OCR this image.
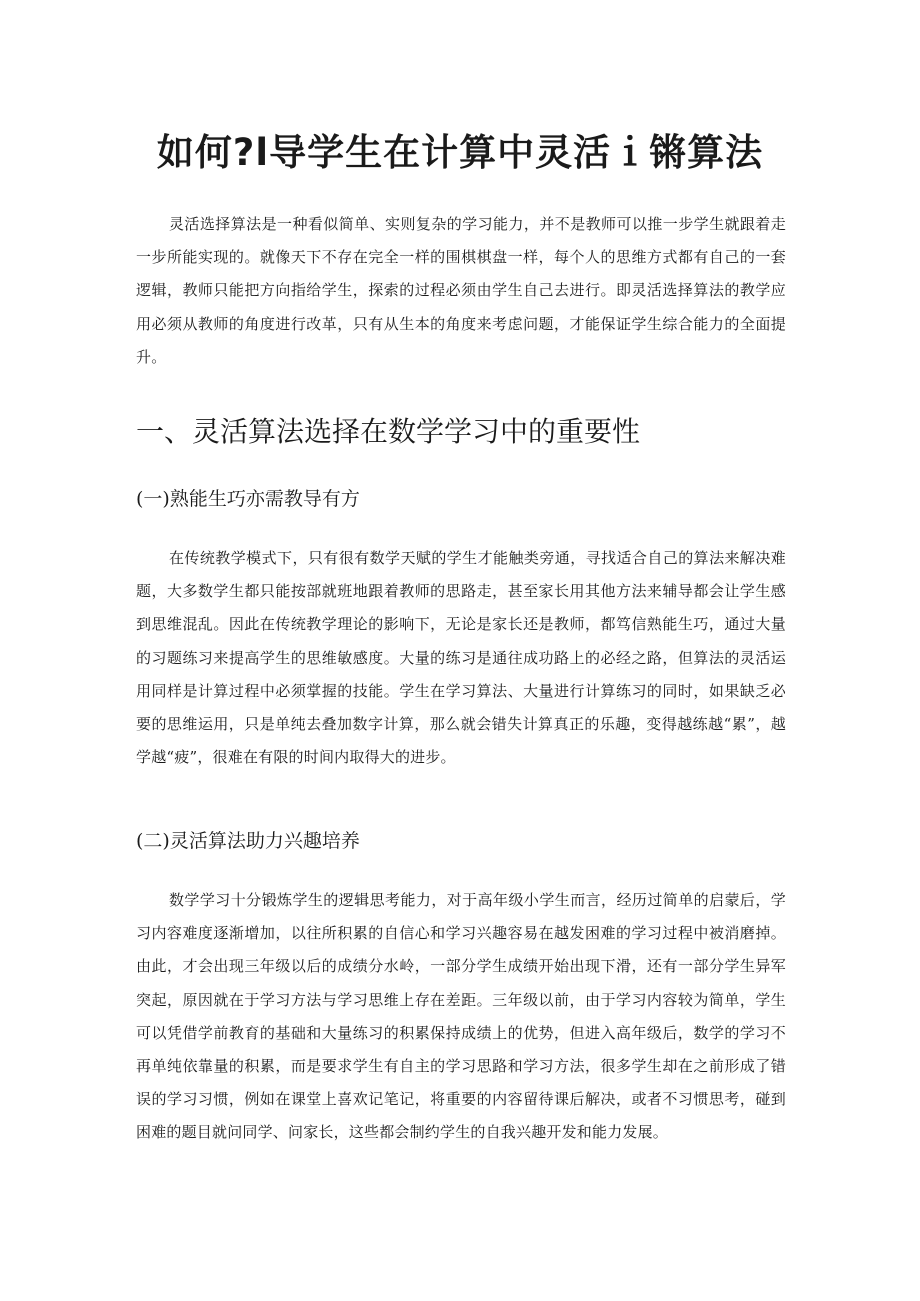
如何?l导学生在计算中灵活ｉ锵算法

灵活选择算法是一种看似简单、实则复杂的学习能力，并不是教师可以推一步学生就跟着走一步所能实现的。就像天下不存在完全一样的围棋棋盘一样，每个人的思维方式都有自己的一套逻辑，教师只能把方向指给学生，探索的过程必须由学生自己去进行。即灵活选择算法的教学应用必须从教师的角度进行改革，只有从生本的角度来考虑问题，才能保证学生综合能力的全面提升。

一、灵活算法选择在数学学习中的重要性
(一)熟能生巧亦需教导有方

在传统教学模式下，只有很有数学天赋的学生才能触类旁通，寻找适合自己的算法来解决难题，大多数学生都只能按部就班地跟着教师的思路走，甚至家长用其他方法来辅导都会让学生感到思维混乱。因此在传统教学理论的影响下，无论是家长还是教师，都笃信熟能生巧，通过大量的习题练习来提高学生的思维敏感度。大量的练习是通往成功路上的必经之路，但算法的灵活运用同样是计算过程中必须掌握的技能。学生在学习算法、大量进行计算练习的同时，如果缺乏必要的思维运用，只是单纯去叠加数字计算，那么就会错失计算真正的乐趣，变得越练越“累”，越学越“疲”，很难在有限的时间内取得大的进步。

(二)灵活算法助力兴趣培养

数学学习十分锻炼学生的逻辑思考能力，对于高年级小学生而言，经历过简单的启蒙后，学习内容难度逐渐增加，以往所积累的自信心和学习兴趣容易在越发困难的学习过程中被消磨掉。由此，才会出现三年级以后的成绩分水岭，一部分学生成绩开始出现下滑，还有一部分学生异军突起，原因就在于学习方法与学习思维上存在差距。三年级以前，由于学习内容较为简单，学生可以凭借学前教育的基础和大量练习的积累保持成绩上的优势，但进入高年级后，数学的学习不再单纯依靠量的积累，而是要求学生有自主的学习思路和学习方法，很多学生却在之前形成了错误的学习习惯，例如在课堂上喜欢记笔记，将重要的内容留待课后解决，或者不习惯思考，碰到困难的题目就问同学、问家长，这些都会制约学生的自我兴趣开发和能力发展。
